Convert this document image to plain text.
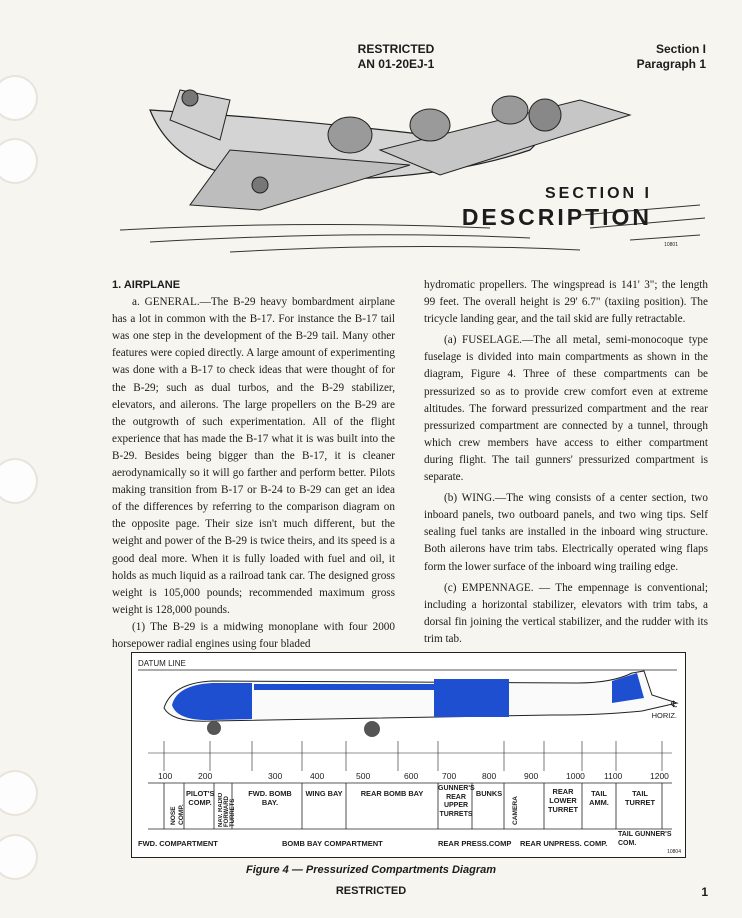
RESTRICTED
AN 01-20EJ-1
Section I
Paragraph 1
SECTION I
DESCRIPTION
10801

1. AIRPLANE

a. GENERAL.—The B-29 heavy bombardment airplane has a lot in common with the B-17. For instance the B-17 tail was one step in the development of the B-29 tail. Many other features were copied directly. A large amount of experimenting was done with a B-17 to check ideas that were thought of for the B-29; such as dual turbos, and the B-29 stabilizer, elevators, and ailerons. The large propellers on the B-29 are the outgrowth of such experimentation. All of the flight experience that has made the B-17 what it is was built into the B-29. Besides being bigger than the B-17, it is cleaner aerodynamically so it will go farther and perform better. Pilots making transition from B-17 or B-24 to B-29 can get an idea of the differences by referring to the comparison diagram on the opposite page. Their size isn't much different, but the weight and power of the B-29 is twice theirs, and its speed is a good deal more. When it is fully loaded with fuel and oil, it holds as much liquid as a railroad tank car. The designed gross weight is 105,000 pounds; recommended maximum gross weight is 128,000 pounds.

(1) The B-29 is a midwing monoplane with four 2000 horsepower radial engines using four bladed

hydromatic propellers. The wingspread is 141' 3"; the length 99 feet. The overall height is 29' 6.7" (taxiing position). The tricycle landing gear, and the tail skid are fully retractable.

(a) FUSELAGE.—The all metal, semi-monocoque type fuselage is divided into main compartments as shown in the diagram, Figure 4. Three of these compartments can be pressurized so as to provide crew comfort even at extreme altitudes. The forward pressurized compartment and the rear pressurized compartment are connected by a tunnel, through which crew members have access to either compartment during flight. The tail gunners' pressurized compartment is separate.

(b) WING.—The wing consists of a center section, two inboard panels, two outboard panels, and two wing tips. Self sealing fuel tanks are installed in the inboard wing structure. Both ailerons have trim tabs. Electrically operated wing flaps form the lower surface of the inboard wing trailing edge.

(c) EMPENNAGE. — The empennage is conventional; including a horizontal stabilizer, elevators with trim tabs, a dorsal fin joining the vertical stabilizer, and the rudder with its trim tab.

DATUM LINE
℄
HORIZ.
100	200	300	400	500	600	700	800	900	1000 1100	1200
NOSE COMP.
PILOT'S COMP.	NAV. RADIO FORWARD TURRETS
FWD. BOMB BAY.
WING BAY	REAR BOMB BAY
GUNNER'S REAR UPPER TURRETS
BUNKS
CAMERA
REAR LOWER TURRET
TAIL AMM.
TAIL TURRET
FWD. COMPARTMENT	BOMB BAY COMPARTMENT	REAR PRESS.COMP REAR UNPRESS. COMP.
TAIL GUNNER'S COM.
10804
Figure 4 — Pressurized Compartments Diagram
RESTRICTED	1
